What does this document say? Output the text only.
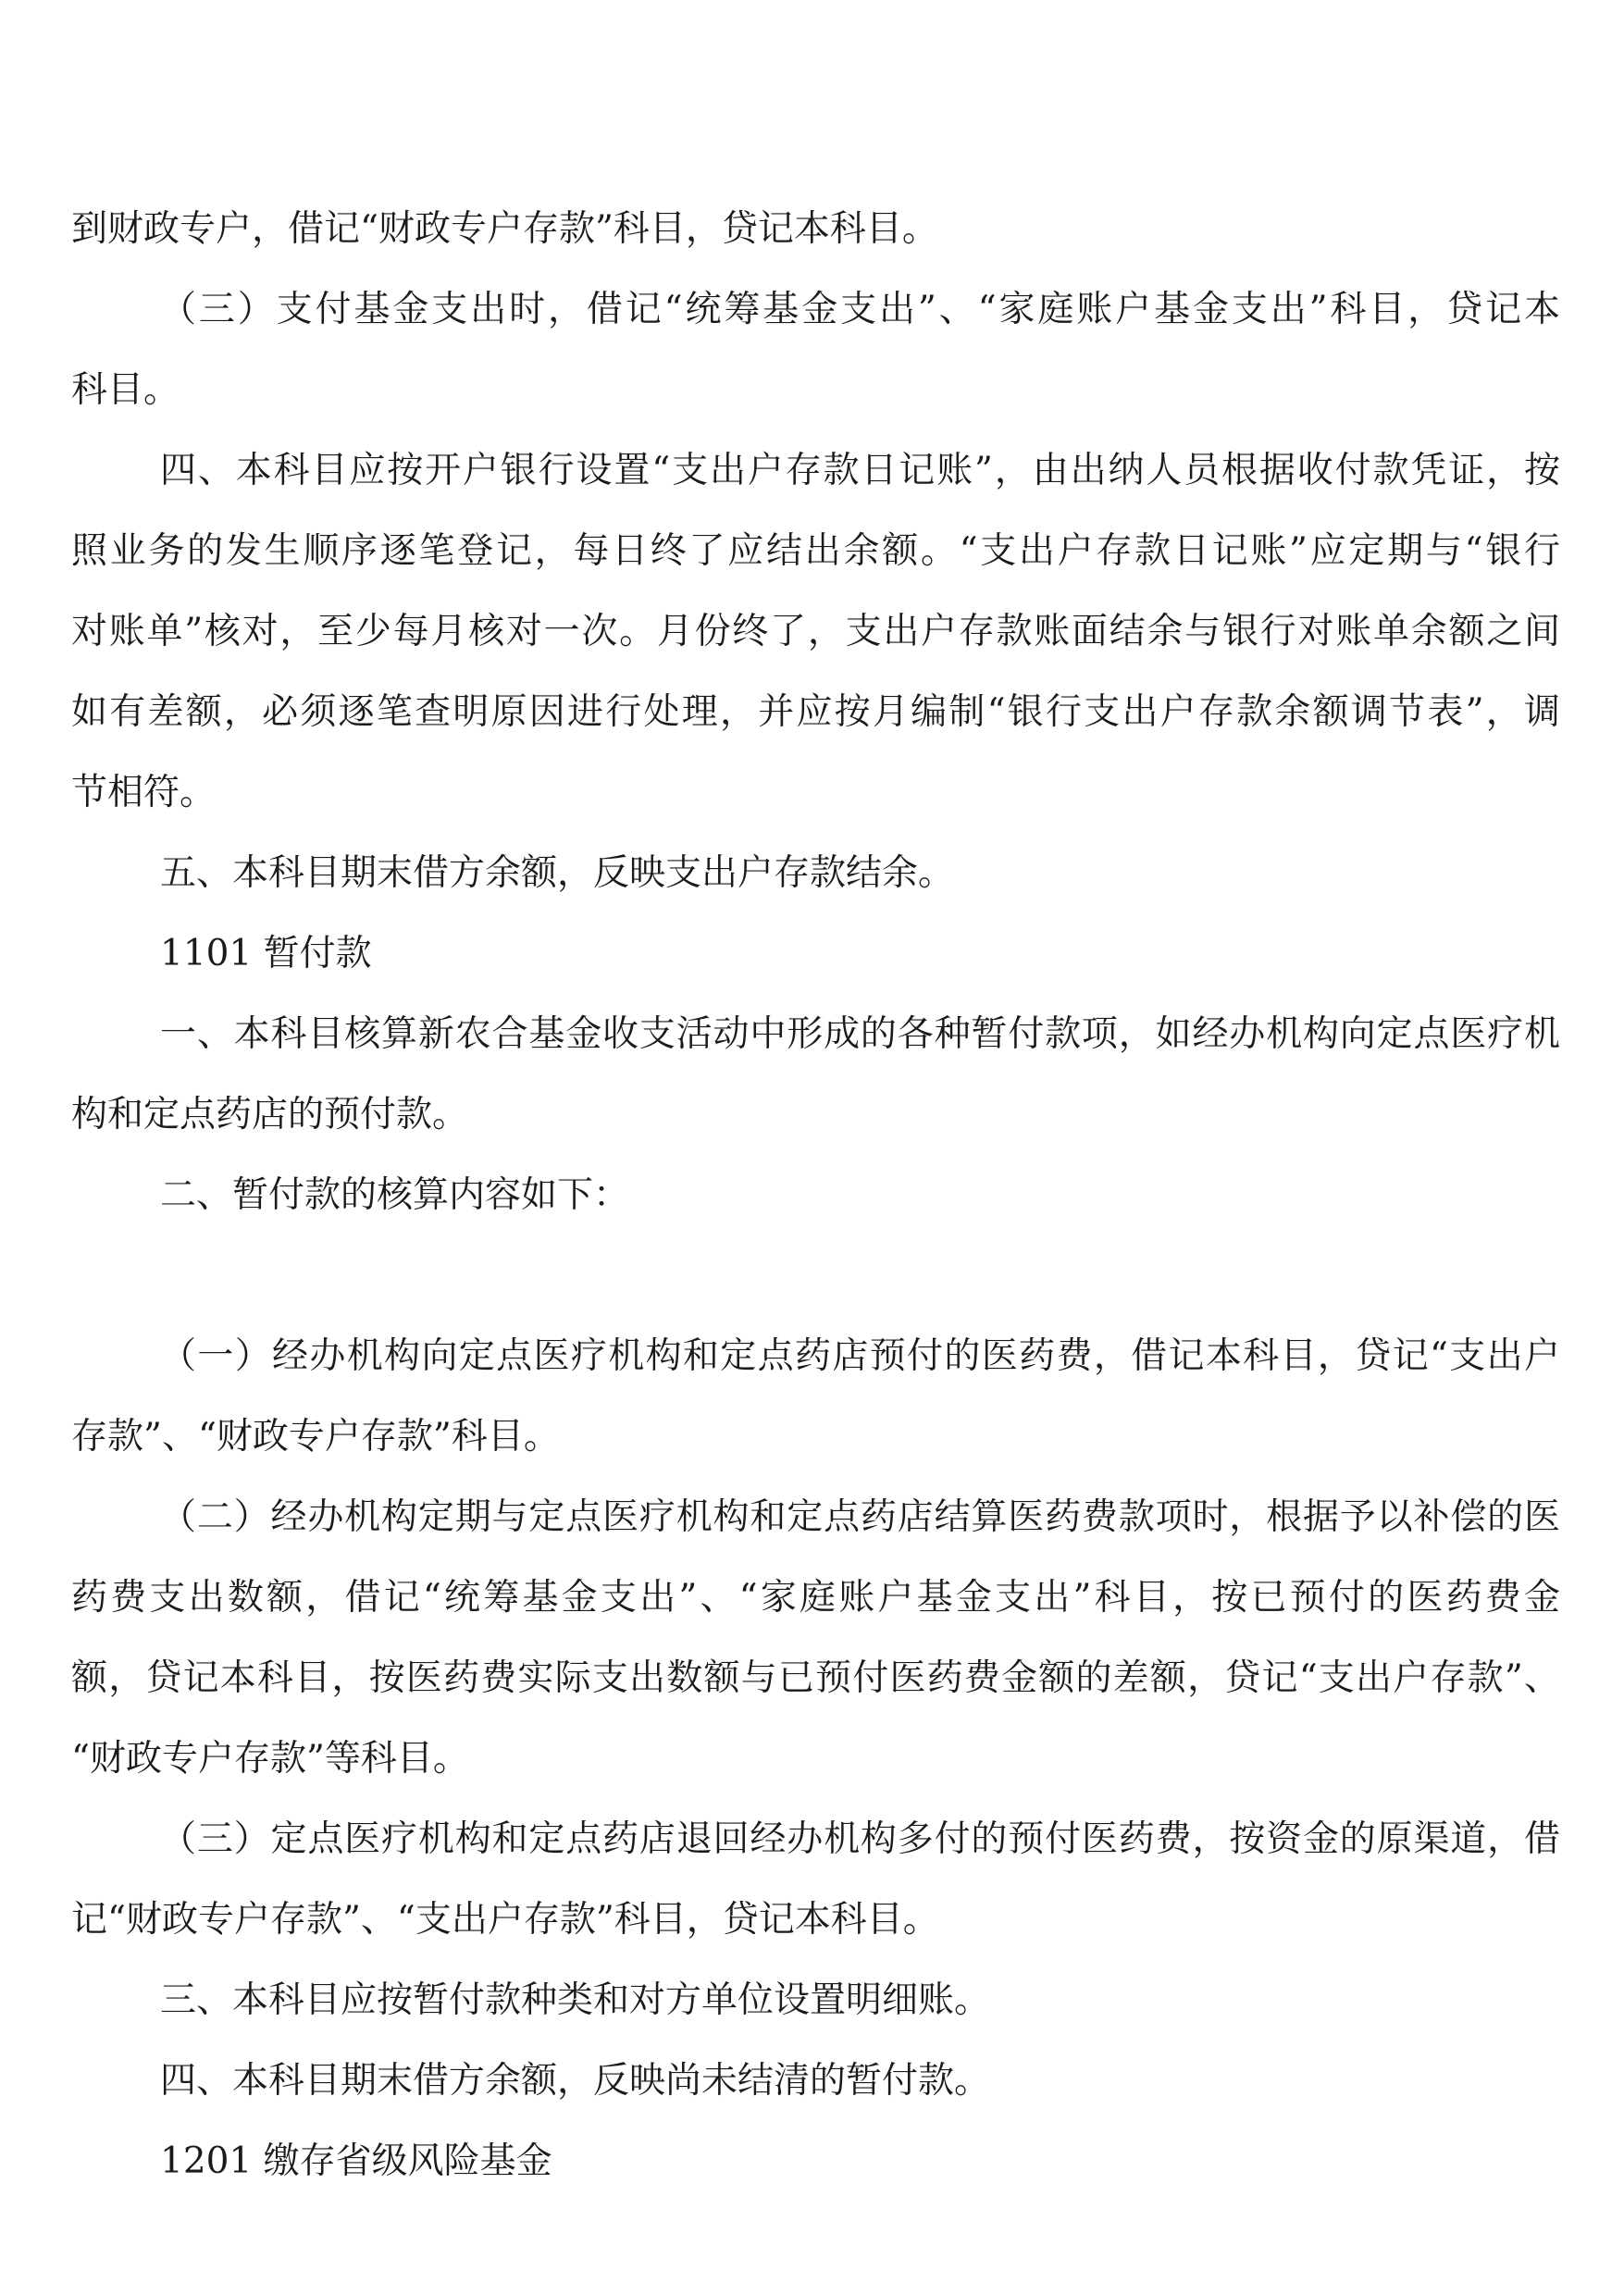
到财政专户，借记“财政专户存款”科目，贷记本科目。
（三）支付基金支出时，借记“统筹基金支出”、“家庭账户基金支出”科目，贷记本
科目。
四、本科目应按开户银行设置“支出户存款日记账”，由出纳人员根据收付款凭证，按
照业务的发生顺序逐笔登记，每日终了应结出余额。“支出户存款日记账”应定期与“银行
对账单”核对，至少每月核对一次。月份终了，支出户存款账面结余与银行对账单余额之间
如有差额，必须逐笔查明原因进行处理，并应按月编制“银行支出户存款余额调节表”，调
节相符。
五、本科目期末借方余额，反映支出户存款结余。
1101 暂付款
一、本科目核算新农合基金收支活动中形成的各种暂付款项，如经办机构向定点医疗机
构和定点药店的预付款。
二、暂付款的核算内容如下：
（一）经办机构向定点医疗机构和定点药店预付的医药费，借记本科目，贷记“支出户
存款”、“财政专户存款”科目。
（二）经办机构定期与定点医疗机构和定点药店结算医药费款项时，根据予以补偿的医
药费支出数额，借记“统筹基金支出”、“家庭账户基金支出”科目，按已预付的医药费金
额，贷记本科目，按医药费实际支出数额与已预付医药费金额的差额，贷记“支出户存款”、
“财政专户存款”等科目。
（三）定点医疗机构和定点药店退回经办机构多付的预付医药费，按资金的原渠道，借
记“财政专户存款”、“支出户存款”科目，贷记本科目。
三、本科目应按暂付款种类和对方单位设置明细账。
四、本科目期末借方余额，反映尚未结清的暂付款。
1201 缴存省级风险基金
